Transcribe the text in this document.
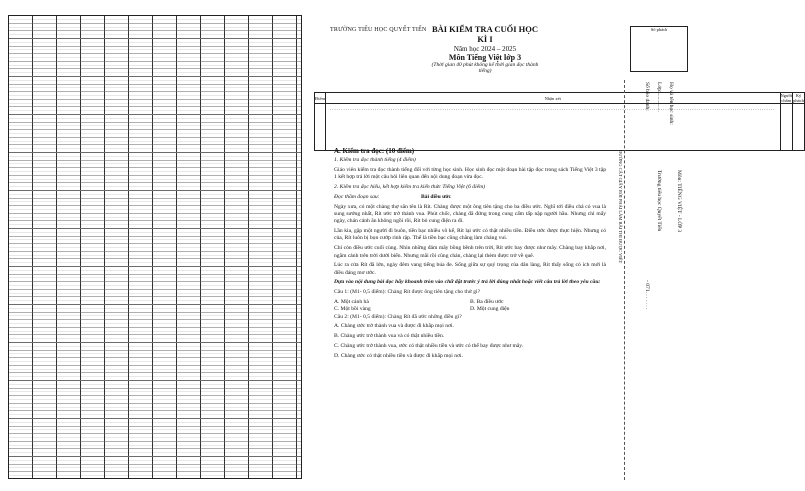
TRƯỜNG TIỂU HỌC QUYẾT TIẾN BÀI KIỂM TRA CUỐI HỌC KÌ I
Năm học 2024 – 2025
Môn Tiếng Việt lớp 3
(Thời gian 40 phút không kể thời gian đọc thành tiếng)
Điểm	Nhận xét	Người chấm	Ký phách
	......................................................................................................................................................................................................		

A. Kiểm tra đọc: (10 điểm)

1. Kiểm tra đọc thành tiếng (4 điểm)

Giáo viên kiểm tra đọc thành tiếng đối với từng học sinh. Học sinh đọc một đoạn bài tập đọc trong sách Tiếng Việt 3 tập 1 kết hợp trả lời một câu hỏi liên quan đến nội dung đoạn vừa đọc.

2. Kiểm tra đọc hiểu, kết hợp kiểm tra kiến thức Tiếng Việt (6 điểm)

Đọc thầm đoạn sau:	Bài điều ước

Ngày xưa, có một chàng thợ săn tên là Rít. Chàng được một ông tiên tặng cho ba điều ước. Nghĩ tới điều chả có vua là sung sướng nhất, Rít ước trở thành vua. Phút chốc, chàng đã đứng trong cung cấm tấp nập người hầu. Nhưng chỉ mấy ngày, chán cảnh ăn không ngồi rồi, Rít bỏ cung điện ra đi.

Lần kia, gặp một người đi buôn, tiền bạc nhiều vô kể, Rít lại ước có thật nhiều tiền. Điều ước được thực hiện. Nhưng có của, Rít luôn bị bọn cướp rình rập. Thế là tiền bạc cũng chẳng làm chàng vui.

Chỉ còn điều ước cuối cùng. Nhìn những đám mây bồng bềnh trên trời, Rít ước bay được như mây. Chàng bay khắp nơi, ngắm cảnh trên trời dưới biển. Nhưng mãi rồi cũng chán, chàng lại thèm được trở về quê.

Lúc ra cửa Rít đã lớn, ngày đêm vang tiếng búa đe. Sống giữa sự quý trọng của dân làng, Rít thấy sống có ích mới là điều đáng mơ ước.

Dựa vào nội dung bài đọc hãy khoanh tròn vào chữ đặt trước ý trả lời đúng nhất hoặc viết câu trả lời theo yêu cầu:

Câu 1: (M1- 0,5 điểm): Chàng Rít được ông tiên tặng cho thứ gì?

A. Một cánh hà	B. Ba điều ước
C. Một bồi vàng	D. Một cung điện

Câu 2: (M1- 0,5 điểm): Chàng Rít đã ước những điều gì?

A. Chàng ước trở thành vua và được đi khắp mọi nơi.

B. Chàng ước trở thành vua và có thật nhiều tiền.

C. Chàng ước trở thành vua, ước có thật nhiều tiền và ước có thể bay được như mây.

D. Chàng ước có thật nhiều tiền và được đi khắp mọi nơi.

Số phách
Họ và tên học sinh:
Lớp:..............
Trường tiểu học Quyết Tiến
Số báo danh:
Môn: TIẾNG VIỆT - LỚP 3
ĐƯỜNG CẮT GIẤY RỜI PHẢI LÀM BÀI THI ĐƯỢC VIẾT
- 071. . . . . . .
